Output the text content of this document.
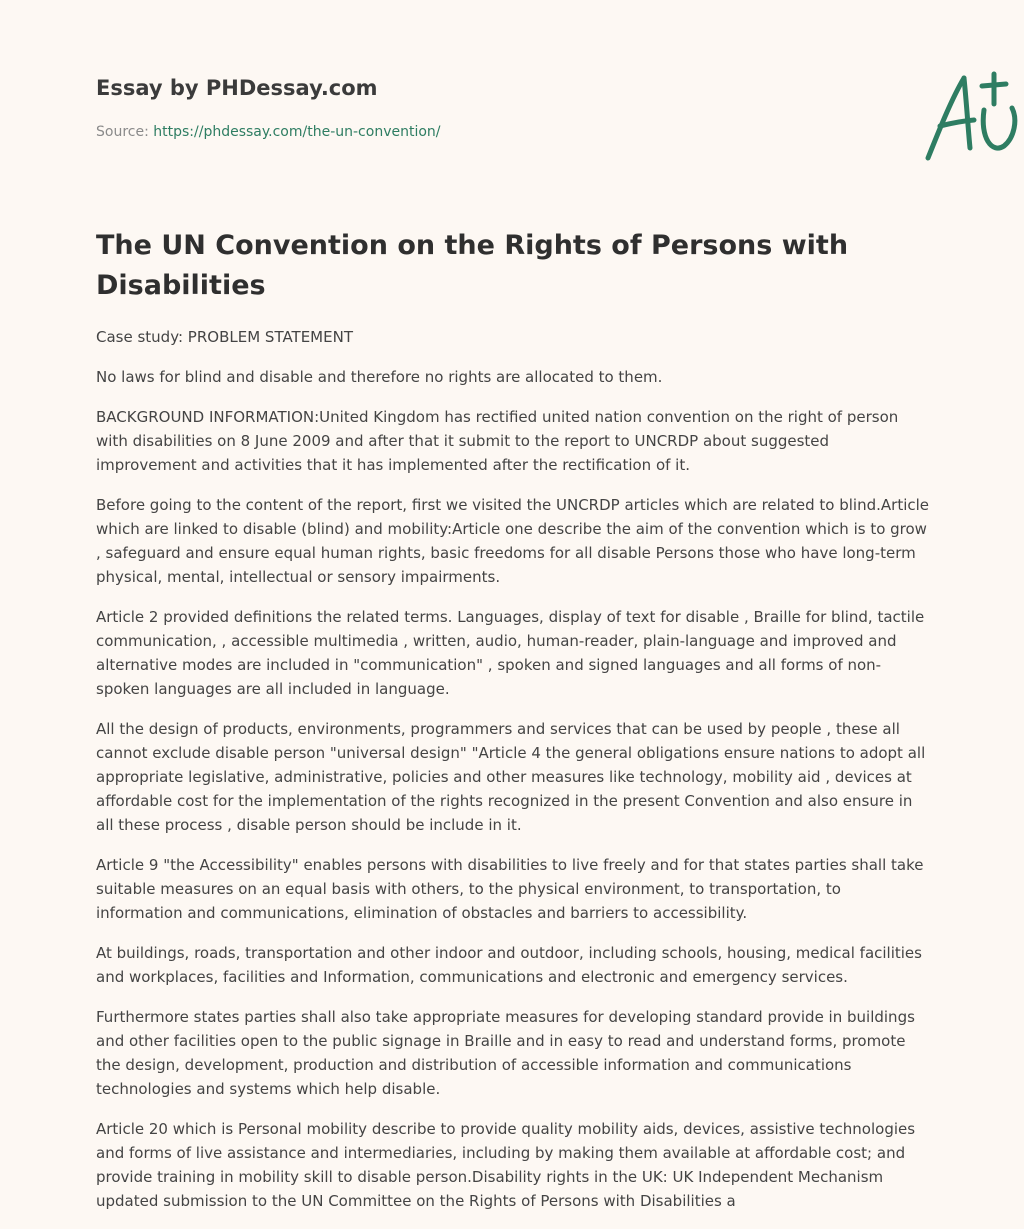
Essay by PHDessay.com
Source: https://phdessay.com/the-un-convention/
The UN Convention on the Rights of Persons with Disabilities

Case study: PROBLEM STATEMENT

No laws for blind and disable and therefore no rights are allocated to them.

BACKGROUND INFORMATION:United Kingdom has rectified united nation convention on the right of person with disabilities on 8 June 2009 and after that it submit to the report to UNCRDP about suggested improvement and activities that it has implemented after the rectification of it.

Before going to the content of the report, first we visited the UNCRDP articles which are related to blind.Article which are linked to disable (blind) and mobility:Article one describe the aim of the convention which is to grow , safeguard and ensure equal human rights, basic freedoms for all disable Persons those who have long-term physical, mental, intellectual or sensory impairments.

Article 2 provided definitions the related terms. Languages, display of text for disable , Braille for blind, tactile communication, , accessible multimedia , written, audio, human-reader, plain-language and improved and alternative modes are included in "communication" , spoken and signed languages and all forms of non-spoken languages are all included in language.

All the design of products, environments, programmers and services that can be used by people , these all cannot exclude disable person "universal design" "Article 4 the general obligations ensure nations to adopt all appropriate legislative, administrative, policies and other measures like technology, mobility aid , devices at affordable cost for the implementation of the rights recognized in the present Convention and also ensure in all these process , disable person should be include in it.

Article 9 "the Accessibility" enables persons with disabilities to live freely and for that states parties shall take suitable measures on an equal basis with others, to the physical environment, to transportation, to information and communications, elimination of obstacles and barriers to accessibility.

At buildings, roads, transportation and other indoor and outdoor, including schools, housing, medical facilities and workplaces, facilities and Information, communications and electronic and emergency services.

Furthermore states parties shall also take appropriate measures for developing standard provide in buildings and other facilities open to the public signage in Braille and in easy to read and understand forms, promote the design, development, production and distribution of accessible information and communications technologies and systems which help disable.

Article 20 which is Personal mobility describe to provide quality mobility aids, devices, assistive technologies and forms of live assistance and intermediaries, including by making them available at affordable cost; and provide training in mobility skill to disable person.Disability rights in the UK: UK Independent Mechanism updated submission to the UN Committee on the Rights of Persons with Disabilities a
